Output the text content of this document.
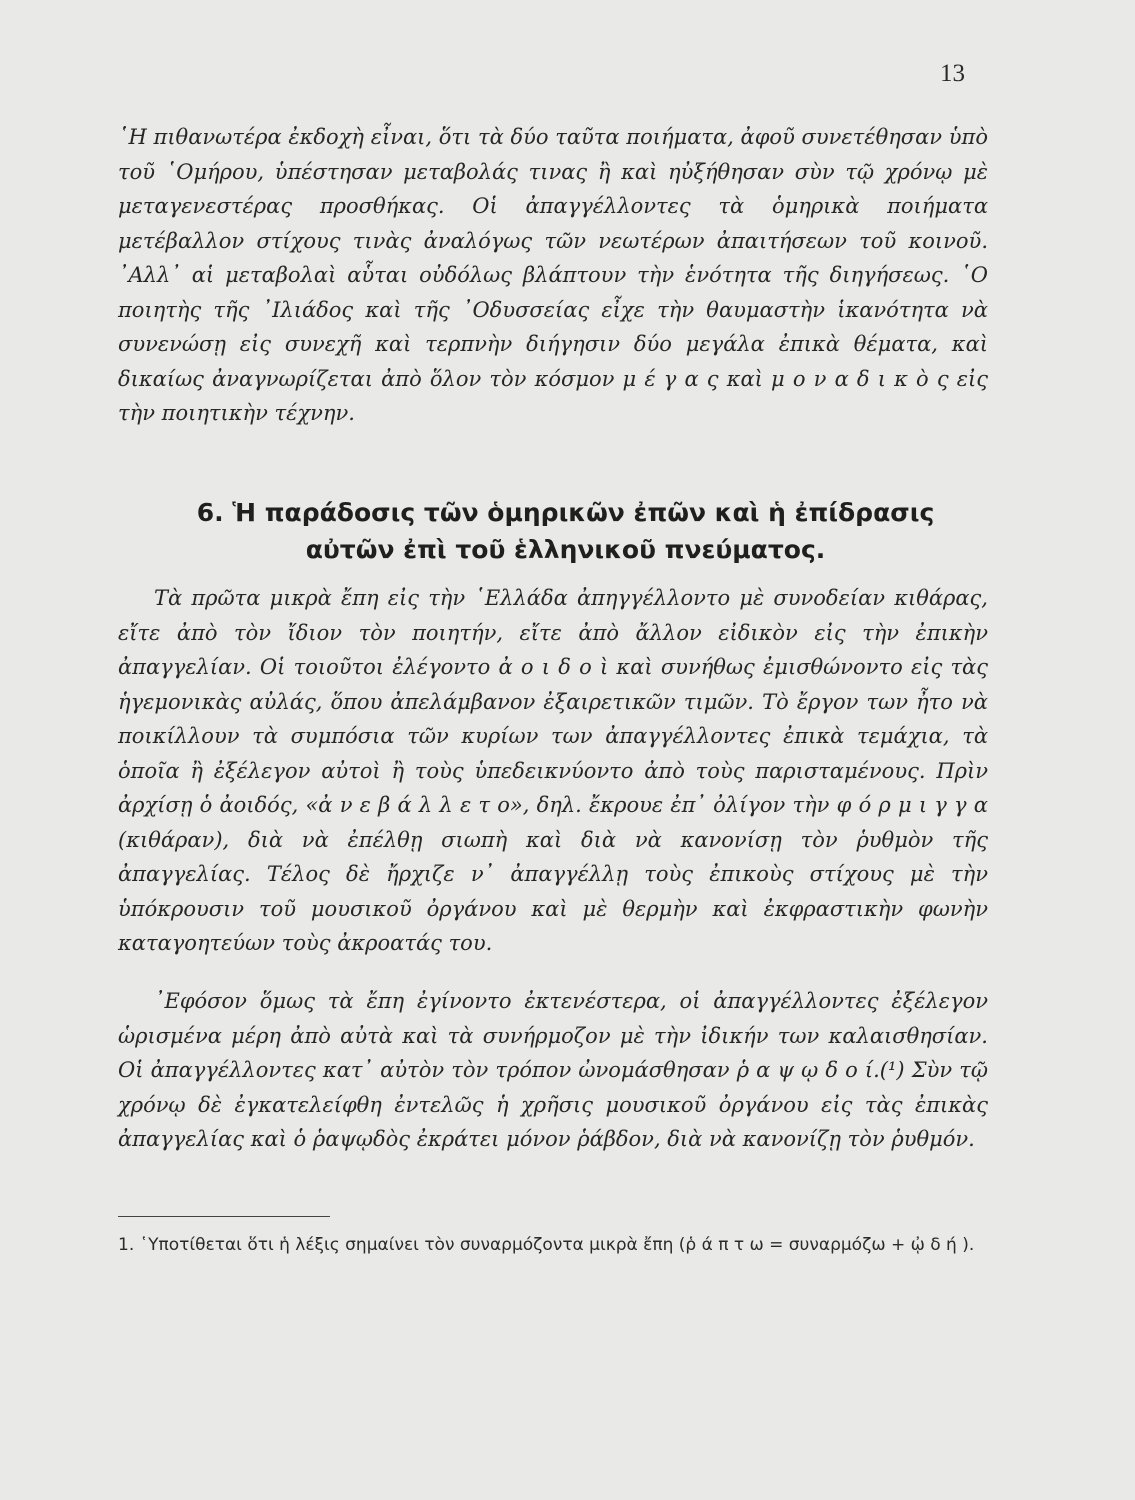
13

῾Η πιθανωτέρα ἐκδοχὴ εἶναι, ὅτι τὰ δύο ταῦτα ποιήματα, ἀφοῦ συνετέθησαν ὑπὸ τοῦ ῾Ομήρου, ὑπέστησαν μεταβολάς τινας ἢ καὶ ηὐξήθησαν σὺν τῷ χρόνῳ μὲ μεταγενεστέρας προσθήκας. Οἱ ἀπαγγέλλοντες τὰ ὁμηρικὰ ποιήματα μετέβαλλον στίχους τινὰς ἀναλόγως τῶν νεωτέρων ἀπαιτήσεων τοῦ κοινοῦ. ᾿Αλλ᾿ αἱ μεταβολαὶ αὗται οὐδόλως βλάπτουν τὴν ἑνότητα τῆς διηγήσεως. ῾Ο ποιητὴς τῆς ᾿Ιλιάδος καὶ τῆς ᾿Οδυσσείας εἶχε τὴν θαυμαστὴν ἱκανότητα νὰ συνενώσῃ εἰς συνεχῆ καὶ τερπνὴν διήγησιν δύο μεγάλα ἐπικὰ θέματα, καὶ δικαίως ἀναγνωρίζεται ἀπὸ ὅλον τὸν κόσμον μ έ γ α ς καὶ μ ο ν α δ ι κ ὸ ς εἰς τὴν ποιητικὴν τέχνην.

6. Ἡ παράδοσις τῶν ὁμηρικῶν ἐπῶν καὶ ἡ ἐπίδρασις
αὐτῶν ἐπὶ τοῦ ἑλληνικοῦ πνεύματος.

Τὰ πρῶτα μικρὰ ἔπη εἰς τὴν ῾Ελλάδα ἀπηγγέλλοντο μὲ συνοδείαν κιθάρας, εἴτε ἀπὸ τὸν ἴδιον τὸν ποιητήν, εἴτε ἀπὸ ἄλλον εἰδικὸν εἰς τὴν ἐπικὴν ἀπαγγελίαν. Οἱ τοιοῦτοι ἐλέγοντο ἀ ο ι δ ο ὶ καὶ συνήθως ἐμισθώνοντο εἰς τὰς ἡγεμονικὰς αὐλάς, ὅπου ἀπελάμβανον ἐξαιρετικῶν τιμῶν. Τὸ ἔργον των ἦτο νὰ ποικίλλουν τὰ συμπόσια τῶν κυρίων των ἀπαγγέλλοντες ἐπικὰ τεμάχια, τὰ ὁποῖα ἢ ἐξέλεγον αὐτοὶ ἢ τοὺς ὑπεδεικνύοντο ἀπὸ τοὺς παρισταμένους. Πρὶν ἀρχίσῃ ὁ ἀοιδός, «ἀ ν ε β ά λ λ ε τ ο», δηλ. ἔκρουε ἐπ᾿ ὀλίγον τὴν φ ό ρ μ ι γ γ α (κιθάραν), διὰ νὰ ἐπέλθῃ σιωπὴ καὶ διὰ νὰ κανονίσῃ τὸν ῥυθμὸν τῆς ἀπαγγελίας. Τέλος δὲ ἤρχιζε ν᾿ ἀπαγγέλλῃ τοὺς ἐπικοὺς στίχους μὲ τὴν ὑπόκρουσιν τοῦ μουσικοῦ ὀργάνου καὶ μὲ θερμὴν καὶ ἐκφραστικὴν φωνὴν καταγοητεύων τοὺς ἀκροατάς του.

᾿Εφόσον ὅμως τὰ ἔπη ἐγίνοντο ἐκτενέστερα, οἱ ἀπαγγέλλοντες ἐξέλεγον ὡρισμένα μέρη ἀπὸ αὐτὰ καὶ τὰ συνήρμοζον μὲ τὴν ἰδικήν των καλαισθησίαν. Οἱ ἀπαγγέλλοντες κατ᾿ αὐτὸν τὸν τρόπον ὠνομάσθησαν ῥ α ψ ῳ δ ο ί.(¹) Σὺν τῷ χρόνῳ δὲ ἐγκατελείφθη ἐντελῶς ἡ χρῆσις μουσικοῦ ὀργάνου εἰς τὰς ἐπικὰς ἀπαγγελίας καὶ ὁ ῥαψῳδὸς ἐκράτει μόνον ῥάβδον, διὰ νὰ κανονίζῃ τὸν ῥυθμόν.

1. ῾Υποτίθεται ὅτι ἡ λέξις σημαίνει τὸν συναρμόζοντα μικρὰ ἔπη (ῥ ά π τ ω = συναρμόζω + ᾠ δ ή ).
